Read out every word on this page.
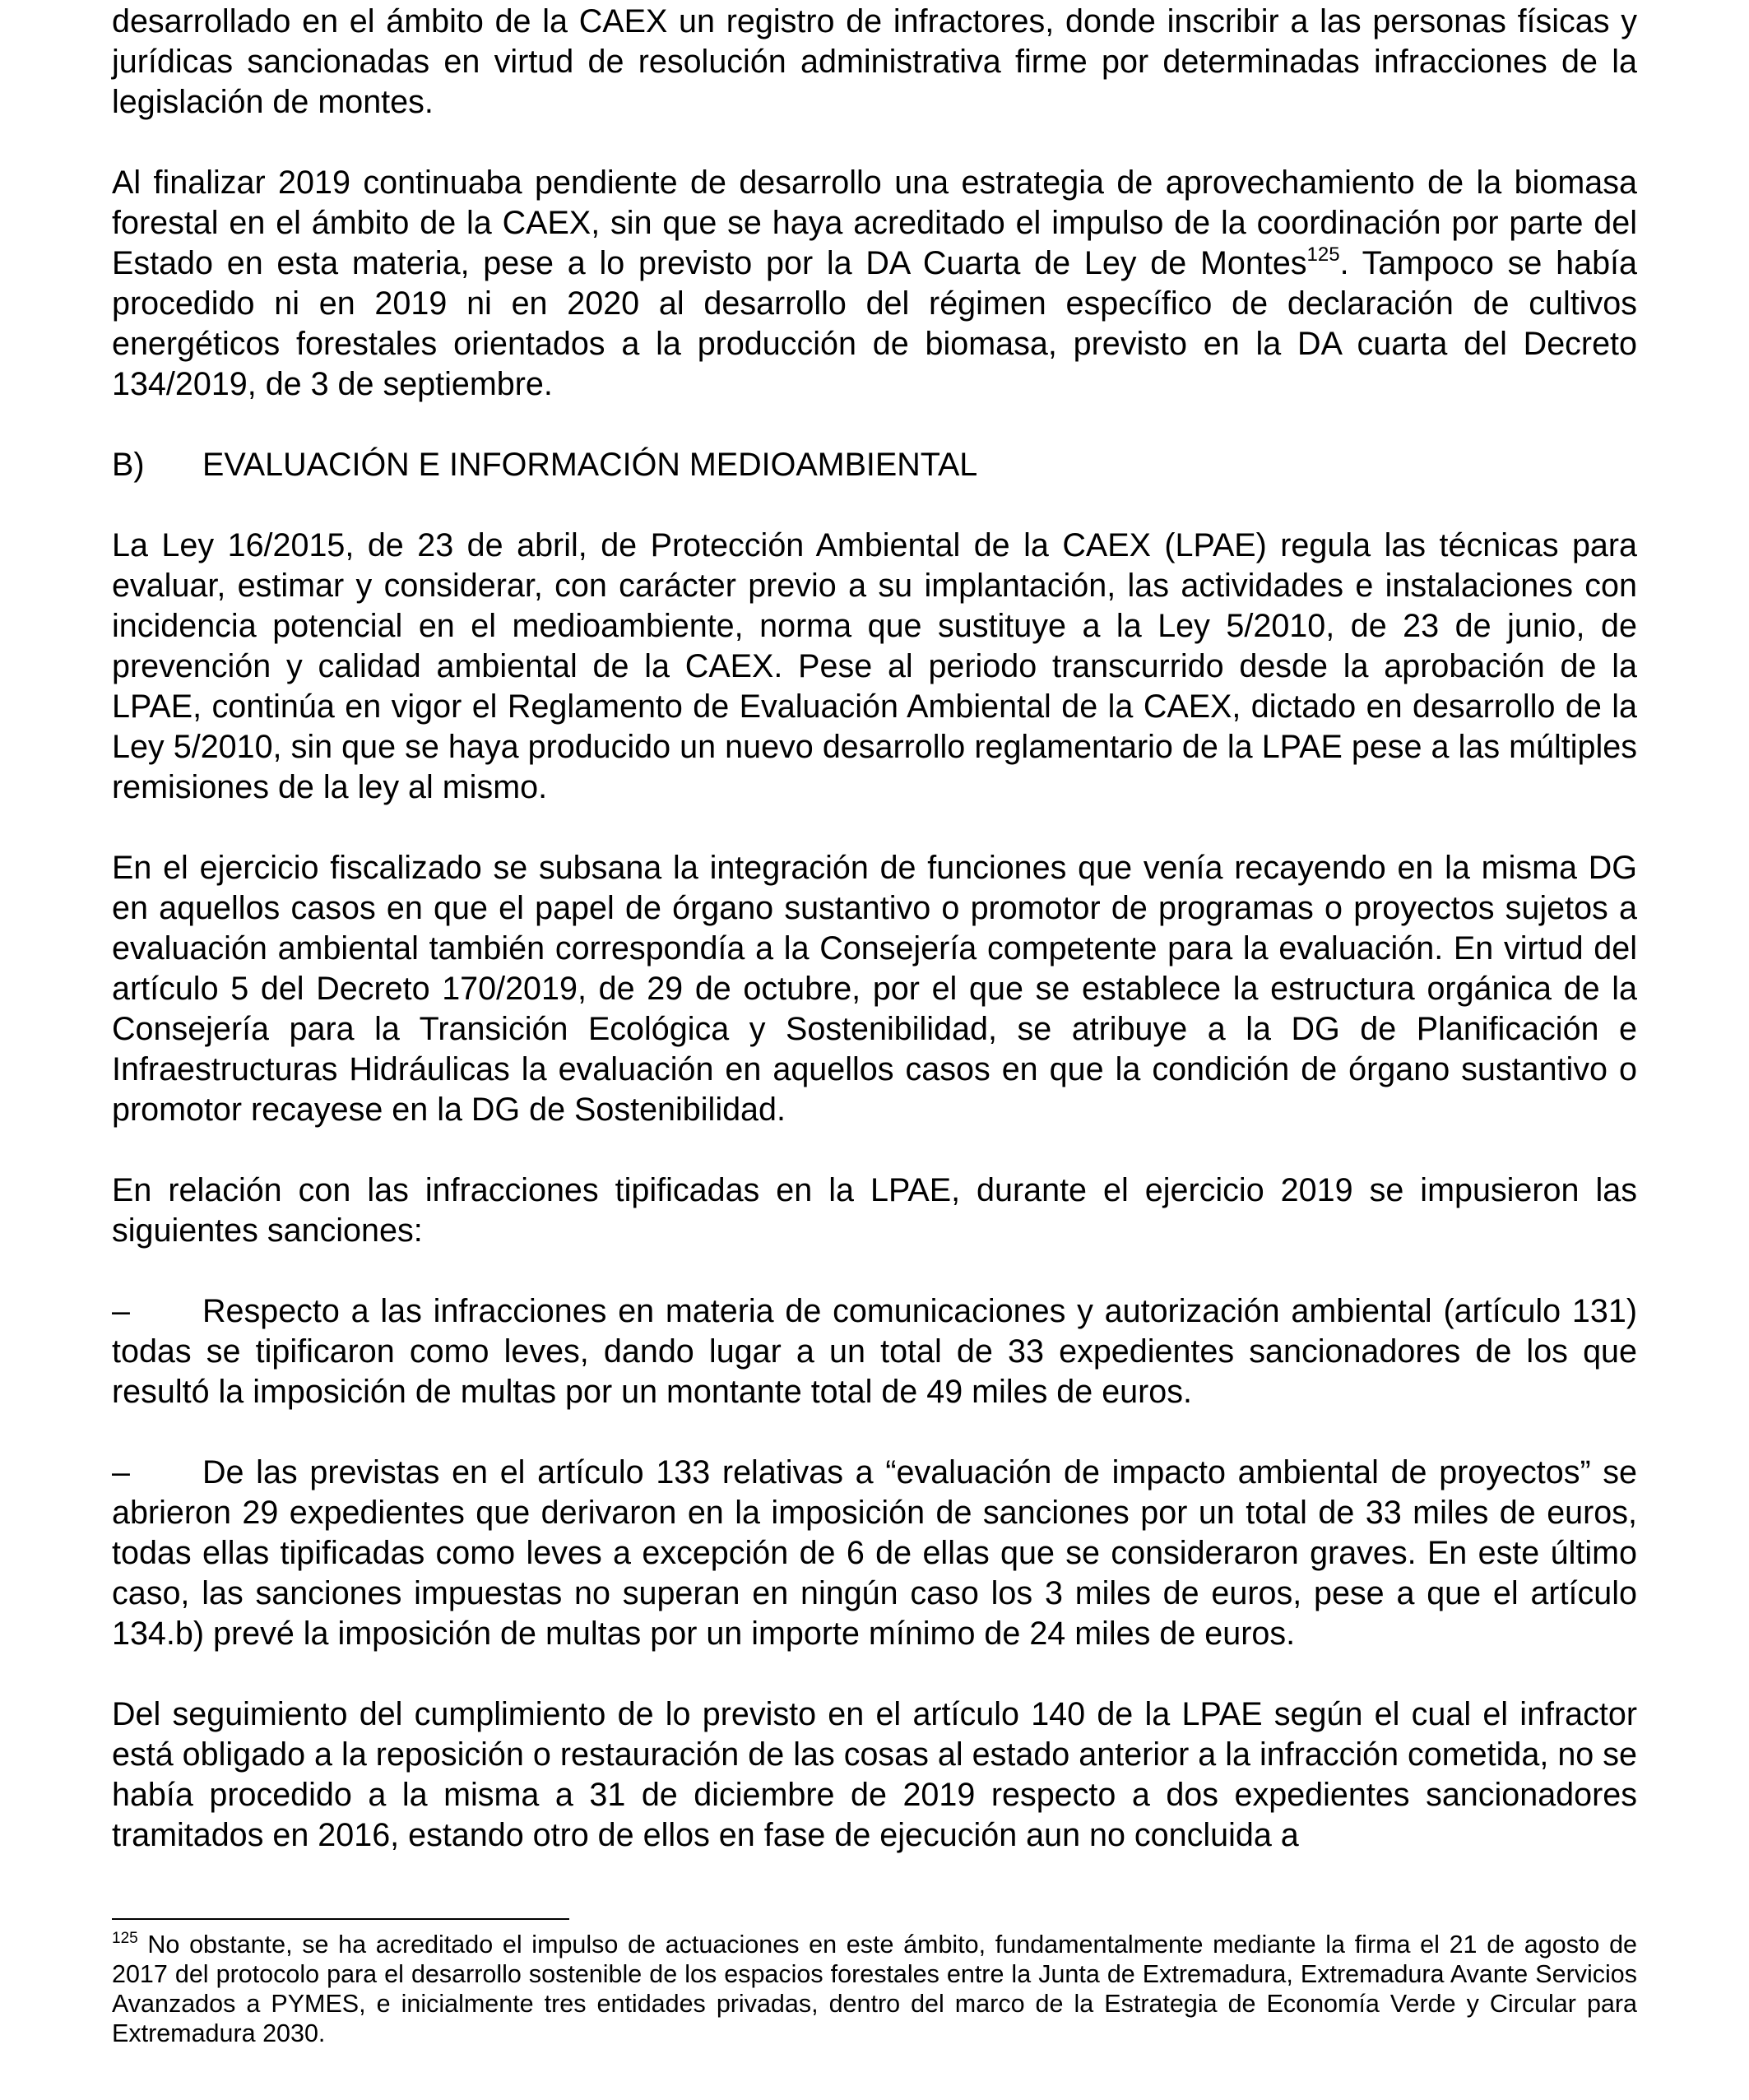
desarrollado en el ámbito de la CAEX un registro de infractores, donde inscribir a las personas físicas y jurídicas sancionadas en virtud de resolución administrativa firme por determinadas infracciones de la legislación de montes.

Al finalizar 2019 continuaba pendiente de desarrollo una estrategia de aprovechamiento de la biomasa forestal en el ámbito de la CAEX, sin que se haya acreditado el impulso de la coordinación por parte del Estado en esta materia, pese a lo previsto por la DA Cuarta de Ley de Montes$^{125}$. Tampoco se había procedido ni en 2019 ni en 2020 al desarrollo del régimen específico de declaración de cultivos energéticos forestales orientados a la producción de biomasa, previsto en la DA cuarta del Decreto 134/2019, de 3 de septiembre.

B)	EVALUACIÓN E INFORMACIÓN MEDIOAMBIENTAL

La Ley 16/2015, de 23 de abril, de Protección Ambiental de la CAEX (LPAE) regula las técnicas para evaluar, estimar y considerar, con carácter previo a su implantación, las actividades e instalaciones con incidencia potencial en el medioambiente, norma que sustituye a la Ley 5/2010, de 23 de junio, de prevención y calidad ambiental de la CAEX. Pese al periodo transcurrido desde la aprobación de la LPAE, continúa en vigor el Reglamento de Evaluación Ambiental de la CAEX, dictado en desarrollo de la Ley 5/2010, sin que se haya producido un nuevo desarrollo reglamentario de la LPAE pese a las múltiples remisiones de la ley al mismo.

En el ejercicio fiscalizado se subsana la integración de funciones que venía recayendo en la misma DG en aquellos casos en que el papel de órgano sustantivo o promotor de programas o proyectos sujetos a evaluación ambiental también correspondía a la Consejería competente para la evaluación. En virtud del artículo 5 del Decreto 170/2019, de 29 de octubre, por el que se establece la estructura orgánica de la Consejería para la Transición Ecológica y Sostenibilidad, se atribuye a la DG de Planificación e Infraestructuras Hidráulicas la evaluación en aquellos casos en que la condición de órgano sustantivo o promotor recayese en la DG de Sostenibilidad.

En relación con las infracciones tipificadas en la LPAE, durante el ejercicio 2019 se impusieron las siguientes sanciones:

– Respecto a las infracciones en materia de comunicaciones y autorización ambiental (artículo 131) todas se tipificaron como leves, dando lugar a un total de 33 expedientes sancionadores de los que resultó la imposición de multas por un montante total de 49 miles de euros.

– De las previstas en el artículo 133 relativas a “evaluación de impacto ambiental de proyectos” se abrieron 29 expedientes que derivaron en la imposición de sanciones por un total de 33 miles de euros, todas ellas tipificadas como leves a excepción de 6 de ellas que se consideraron graves. En este último caso, las sanciones impuestas no superan en ningún caso los 3 miles de euros, pese a que el artículo 134.b) prevé la imposición de multas por un importe mínimo de 24 miles de euros.

Del seguimiento del cumplimiento de lo previsto en el artículo 140 de la LPAE según el cual el infractor está obligado a la reposición o restauración de las cosas al estado anterior a la infracción cometida, no se había procedido a la misma a 31 de diciembre de 2019 respecto a dos expedientes sancionadores tramitados en 2016, estando otro de ellos en fase de ejecución aun no concluida a

$^{125}$ No obstante, se ha acreditado el impulso de actuaciones en este ámbito, fundamentalmente mediante la firma el 21 de agosto de 2017 del protocolo para el desarrollo sostenible de los espacios forestales entre la Junta de Extremadura, Extremadura Avante Servicios Avanzados a PYMES, e inicialmente tres entidades privadas, dentro del marco de la Estrategia de Economía Verde y Circular para Extremadura 2030.
